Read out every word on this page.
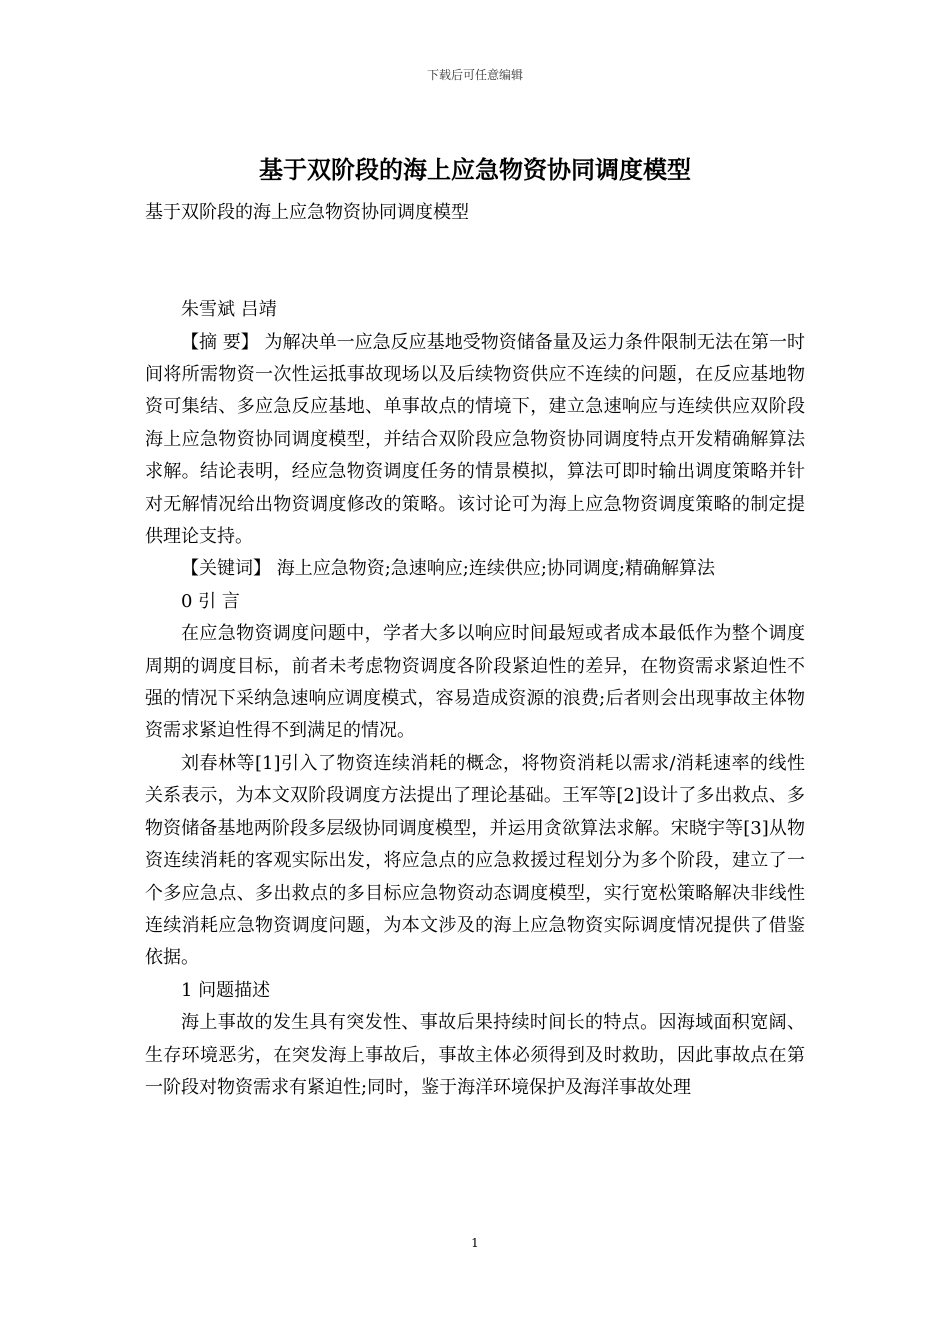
下载后可任意编辑
基于双阶段的海上应急物资协同调度模型

基于双阶段的海上应急物资协同调度模型

朱雪斌 吕靖

【摘 要】 为解决单一应急反应基地受物资储备量及运力条件限制无法在第一时间将所需物资一次性运抵事故现场以及后续物资供应不连续的问题，在反应基地物资可集结、多应急反应基地、单事故点的情境下，建立急速响应与连续供应双阶段海上应急物资协同调度模型，并结合双阶段应急物资协同调度特点开发精确解算法求解。结论表明，经应急物资调度任务的情景模拟，算法可即时输出调度策略并针对无解情况给出物资调度修改的策略。该讨论可为海上应急物资调度策略的制定提供理论支持。

【关键词】 海上应急物资;急速响应;连续供应;协同调度;精确解算法

0 引 言

在应急物资调度问题中，学者大多以响应时间最短或者成本最低作为整个调度周期的调度目标，前者未考虑物资调度各阶段紧迫性的差异，在物资需求紧迫性不强的情况下采纳急速响应调度模式，容易造成资源的浪费;后者则会出现事故主体物资需求紧迫性得不到满足的情况。

刘春林等[1]引入了物资连续消耗的概念，将物资消耗以需求/消耗速率的线性关系表示，为本文双阶段调度方法提出了理论基础。王军等[2]设计了多出救点、多物资储备基地两阶段多层级协同调度模型，并运用贪欲算法求解。宋晓宇等[3]从物资连续消耗的客观实际出发，将应急点的应急救援过程划分为多个阶段，建立了一个多应急点、多出救点的多目标应急物资动态调度模型，实行宽松策略解决非线性连续消耗应急物资调度问题，为本文涉及的海上应急物资实际调度情况提供了借鉴依据。

1 问题描述

海上事故的发生具有突发性、事故后果持续时间长的特点。因海域面积宽阔、生存环境恶劣，在突发海上事故后，事故主体必须得到及时救助，因此事故点在第一阶段对物资需求有紧迫性;同时，鉴于海洋环境保护及海洋事故处理

1
